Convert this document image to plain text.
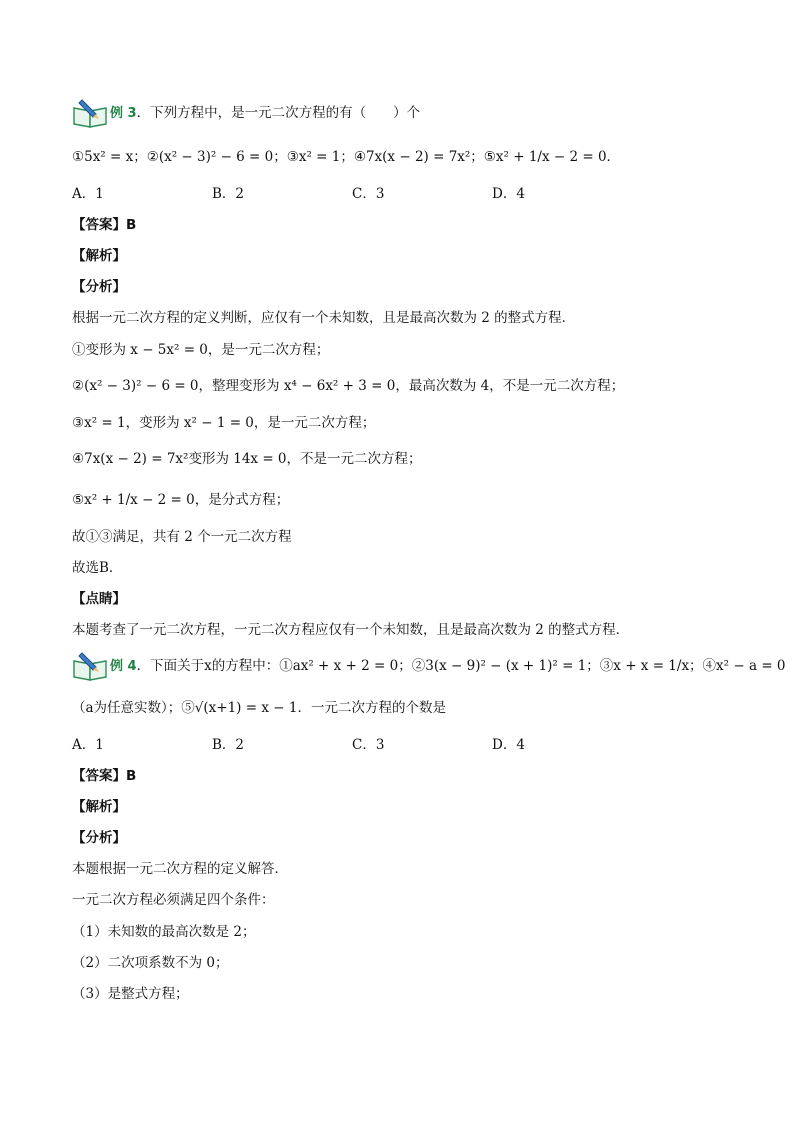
例 3．下列方程中，是一元二次方程的有（　　）个
①5x² = x；②(x² − 3)² − 6 = 0；③x² = 1；④7x(x − 2) = 7x²；⑤x² + 1/x − 2 = 0．
A．1	B．2	C．3	D．4
【答案】B
【解析】
【分析】
根据一元二次方程的定义判断，应仅有一个未知数，且是最高次数为 2 的整式方程．
①变形为 x − 5x² = 0，是一元二次方程；
②(x² − 3)² − 6 = 0，整理变形为 x⁴ − 6x² + 3 = 0，最高次数为 4，不是一元二次方程；
③x² = 1，变形为 x² − 1 = 0，是一元二次方程；
④7x(x − 2) = 7x²变形为 14x = 0，不是一元二次方程；
⑤x² + 1/x − 2 = 0，是分式方程；
故①③满足，共有 2 个一元二次方程
故选B．
【点睛】
本题考查了一元二次方程，一元二次方程应仅有一个未知数，且是最高次数为 2 的整式方程．
例 4．下面关于x的方程中：①ax² + x + 2 = 0；②3(x − 9)² − (x + 1)² = 1；③x + x = 1/x；④x² − a = 0
（a为任意实数）；⑤√(x+1) = x − 1．一元二次方程的个数是
A．1	B．2	C．3	D．4
【答案】B
【解析】
【分析】
本题根据一元二次方程的定义解答．
一元二次方程必须满足四个条件：
（1）未知数的最高次数是 2；
（2）二次项系数不为 0；
（3）是整式方程；
